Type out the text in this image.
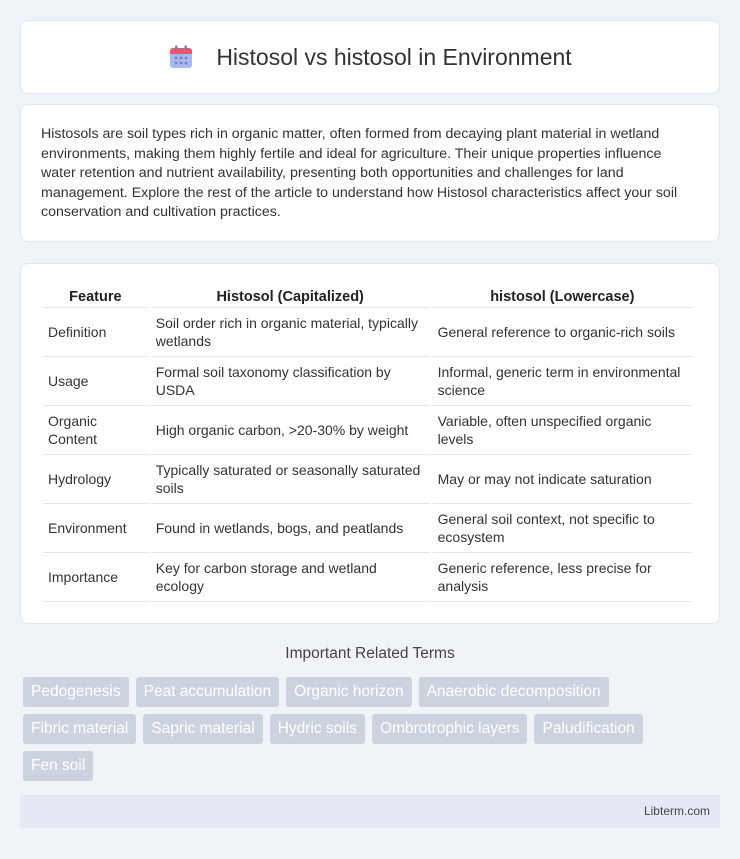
Histosol vs histosol in Environment

Histosols are soil types rich in organic matter, often formed from decaying plant material in wetland environments, making them highly fertile and ideal for agriculture. Their unique properties influence water retention and nutrient availability, presenting both opportunities and challenges for land management. Explore the rest of the article to understand how Histosol characteristics affect your soil conservation and cultivation practices.

Feature	Histosol (Capitalized)	histosol (Lowercase)
Definition	Soil order rich in organic material, typically wetlands	General reference to organic-rich soils
Usage	Formal soil taxonomy classification by USDA	Informal, generic term in environmental science
Organic Content	High organic carbon, >20-30% by weight	Variable, often unspecified organic levels
Hydrology	Typically saturated or seasonally saturated soils	May or may not indicate saturation
Environment	Found in wetlands, bogs, and peatlands	General soil context, not specific to ecosystem
Importance	Key for carbon storage and wetland ecology	Generic reference, less precise for analysis
Important Related Terms
Pedogenesis	Peat accumulation	Organic horizon	Anaerobic decomposition
Fibric material	Sapric material	Hydric soils	Ombrotrophic layers	Paludification
Fen soil
Libterm.com
